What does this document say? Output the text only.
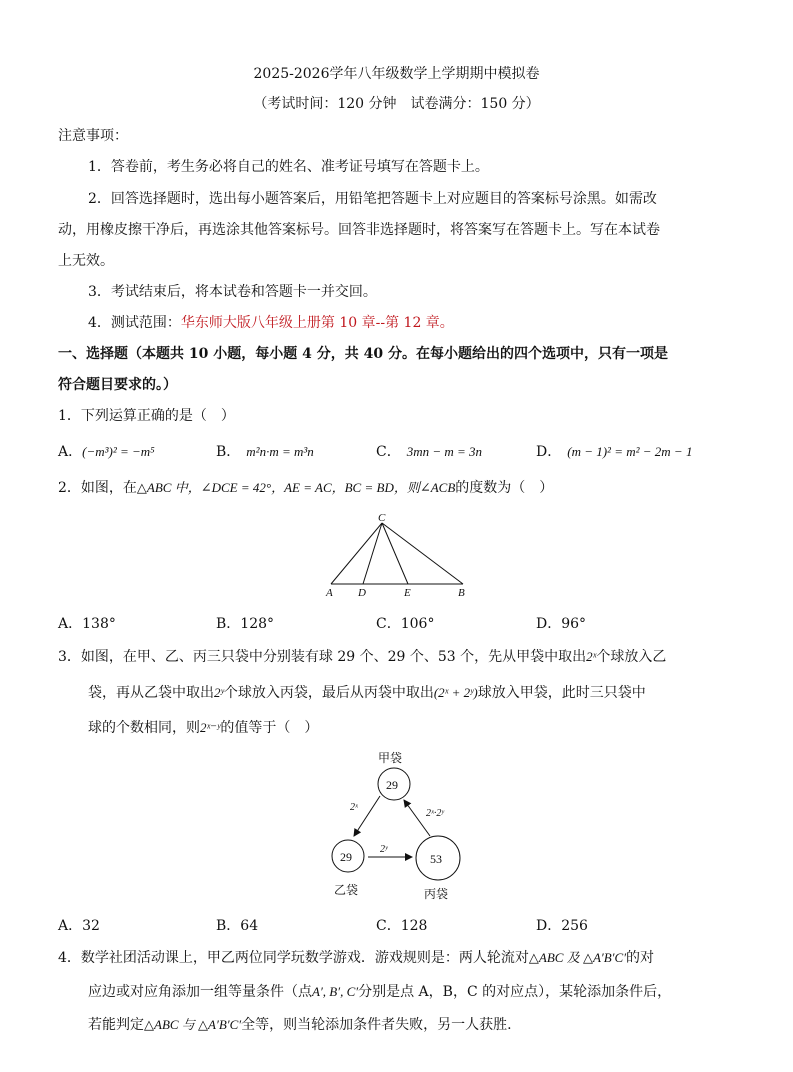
2025-2026学年八年级数学上学期期中模拟卷
（考试时间：120 分钟　试卷满分：150 分）
注意事项：
1．答卷前，考生务必将自己的姓名、准考证号填写在答题卡上。
2．回答选择题时，选出每小题答案后，用铅笔把答题卡上对应题目的答案标号涂黑。如需改
动，用橡皮擦干净后，再选涂其他答案标号。回答非选择题时，将答案写在答题卡上。写在本试卷
上无效。
3．考试结束后，将本试卷和答题卡一并交回。
4．测试范围：华东师大版八年级上册第 10 章--第 12 章。
一、选择题（本题共 10 小题，每小题 4 分，共 40 分。在每小题给出的四个选项中，只有一项是
符合题目要求的。）
1．下列运算正确的是（　）
A．(−m³)² = −m⁵	B． m²n·m = m³n	C． 3mn − m = 3n	D． (m − 1)² = m² − 2m − 1
2．如图，在△ABC 中，∠DCE = 42°，AE = AC，BC = BD，则∠ACB的度数为（　）
C
A D	E	B
A．138°	B．128°	C．106°	D．96°
3．如图，在甲、乙、丙三只袋中分别装有球 29 个、29 个、53 个，先从甲袋中取出2ˣ个球放入乙
袋，再从乙袋中取出2ʸ个球放入丙袋，最后从丙袋中取出(2ˣ + 2ʸ)球放入甲袋，此时三只袋中
球的个数相同，则2ˣ⁻ʸ的值等于（　）
甲袋
29
29
乙袋
53
丙袋
2ˣ
2ʸ
2ˣ·2ʸ
A．32	B．64	C．128	D．256
4．数学社团活动课上，甲乙两位同学玩数学游戏．游戏规则是：两人轮流对△ABC 及 △A′B′C′的对
应边或对应角添加一组等量条件（点A′, B′, C′分别是点 A，B，C 的对应点），某轮添加条件后，
若能判定△ABC 与 △A′B′C′全等，则当轮添加条件者失败，另一人获胜.
